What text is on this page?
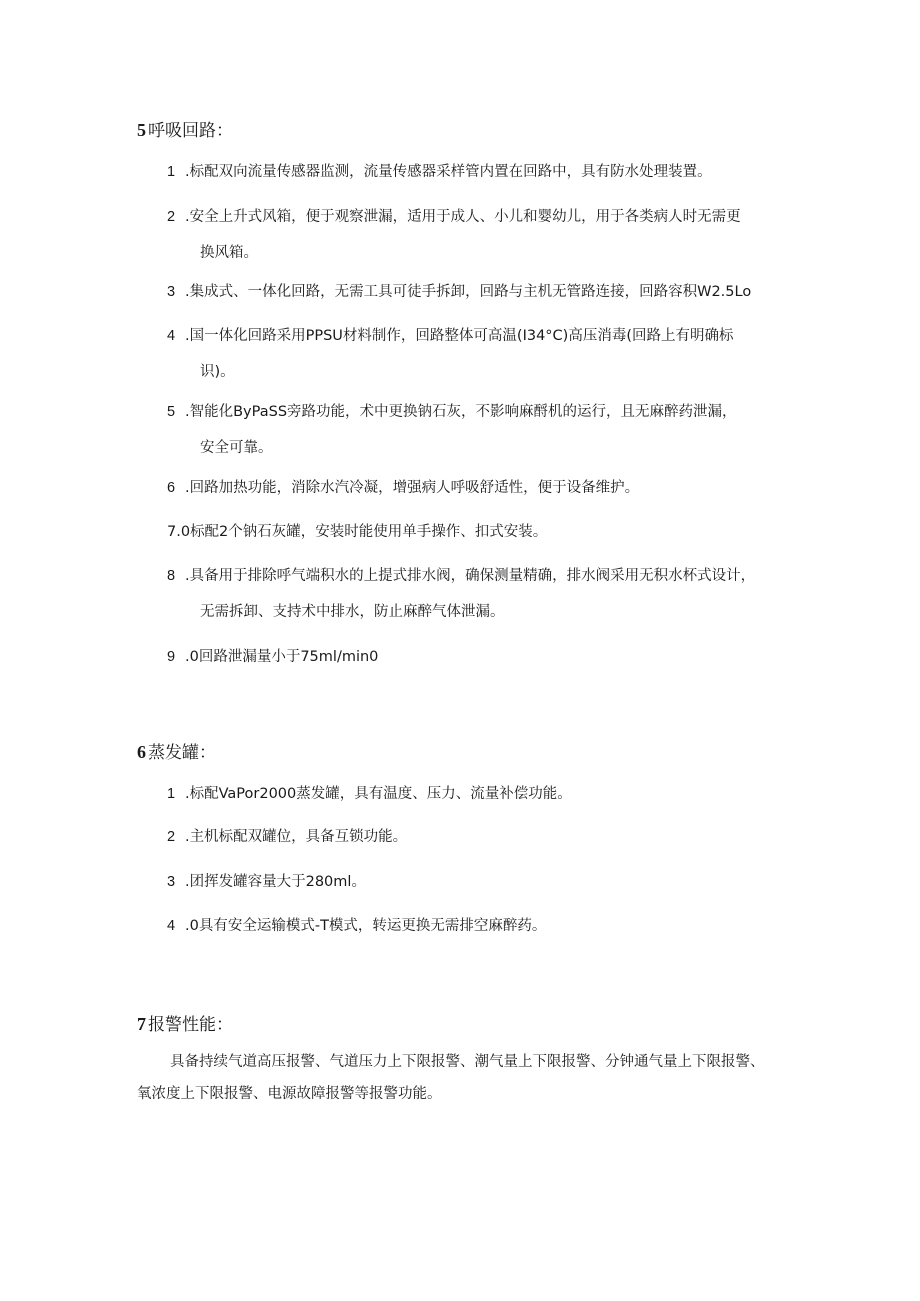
5 呼吸回路：
1 .标配双向流量传感器监测，流量传感器采样管内置在回路中，具有防水处理装置。
2 .安全上升式风箱，便于观察泄漏，适用于成人、小儿和婴幼儿，用于各类病人时无需更
换风箱。
3 .集成式、一体化回路，无需工具可徒手拆卸，回路与主机无管路连接，回路容积W2.5Lo
4 .国一体化回路采用PPSU材料制作，回路整体可高温(I34°C)高压消毒(回路上有明确标
识)。
5 .智能化ByPaSS旁路功能，术中更换钠石灰，不影响麻酹机的运行，且无麻醉药泄漏，
安全可靠。
6 .回路加热功能，消除水汽冷凝，增强病人呼吸舒适性，便于设备维护。
7.0标配2个钠石灰罐，安装时能使用单手操作、扣式安装。
8 .具备用于排除呼气端积水的上提式排水阀，确保测量精确，排水阀采用无积水杯式设计，
无需拆卸、支持术中排水，防止麻醉气体泄漏。
9 .0回路泄漏量小于75ml∕min0
6 蒸发罐：
1 .标配VaPor2000蒸发罐，具有温度、压力、流量补偿功能。
2 .主机标配双罐位，具备互锁功能。
3 .团挥发罐容量大于280ml。
4 .0具有安全运输模式-T模式，转运更换无需排空麻醉药。
7 报警性能：
具备持续气道高压报警、气道压力上下限报警、潮气量上下限报警、分钟通气量上下限报警、
氧浓度上下限报警、电源故障报警等报警功能。
